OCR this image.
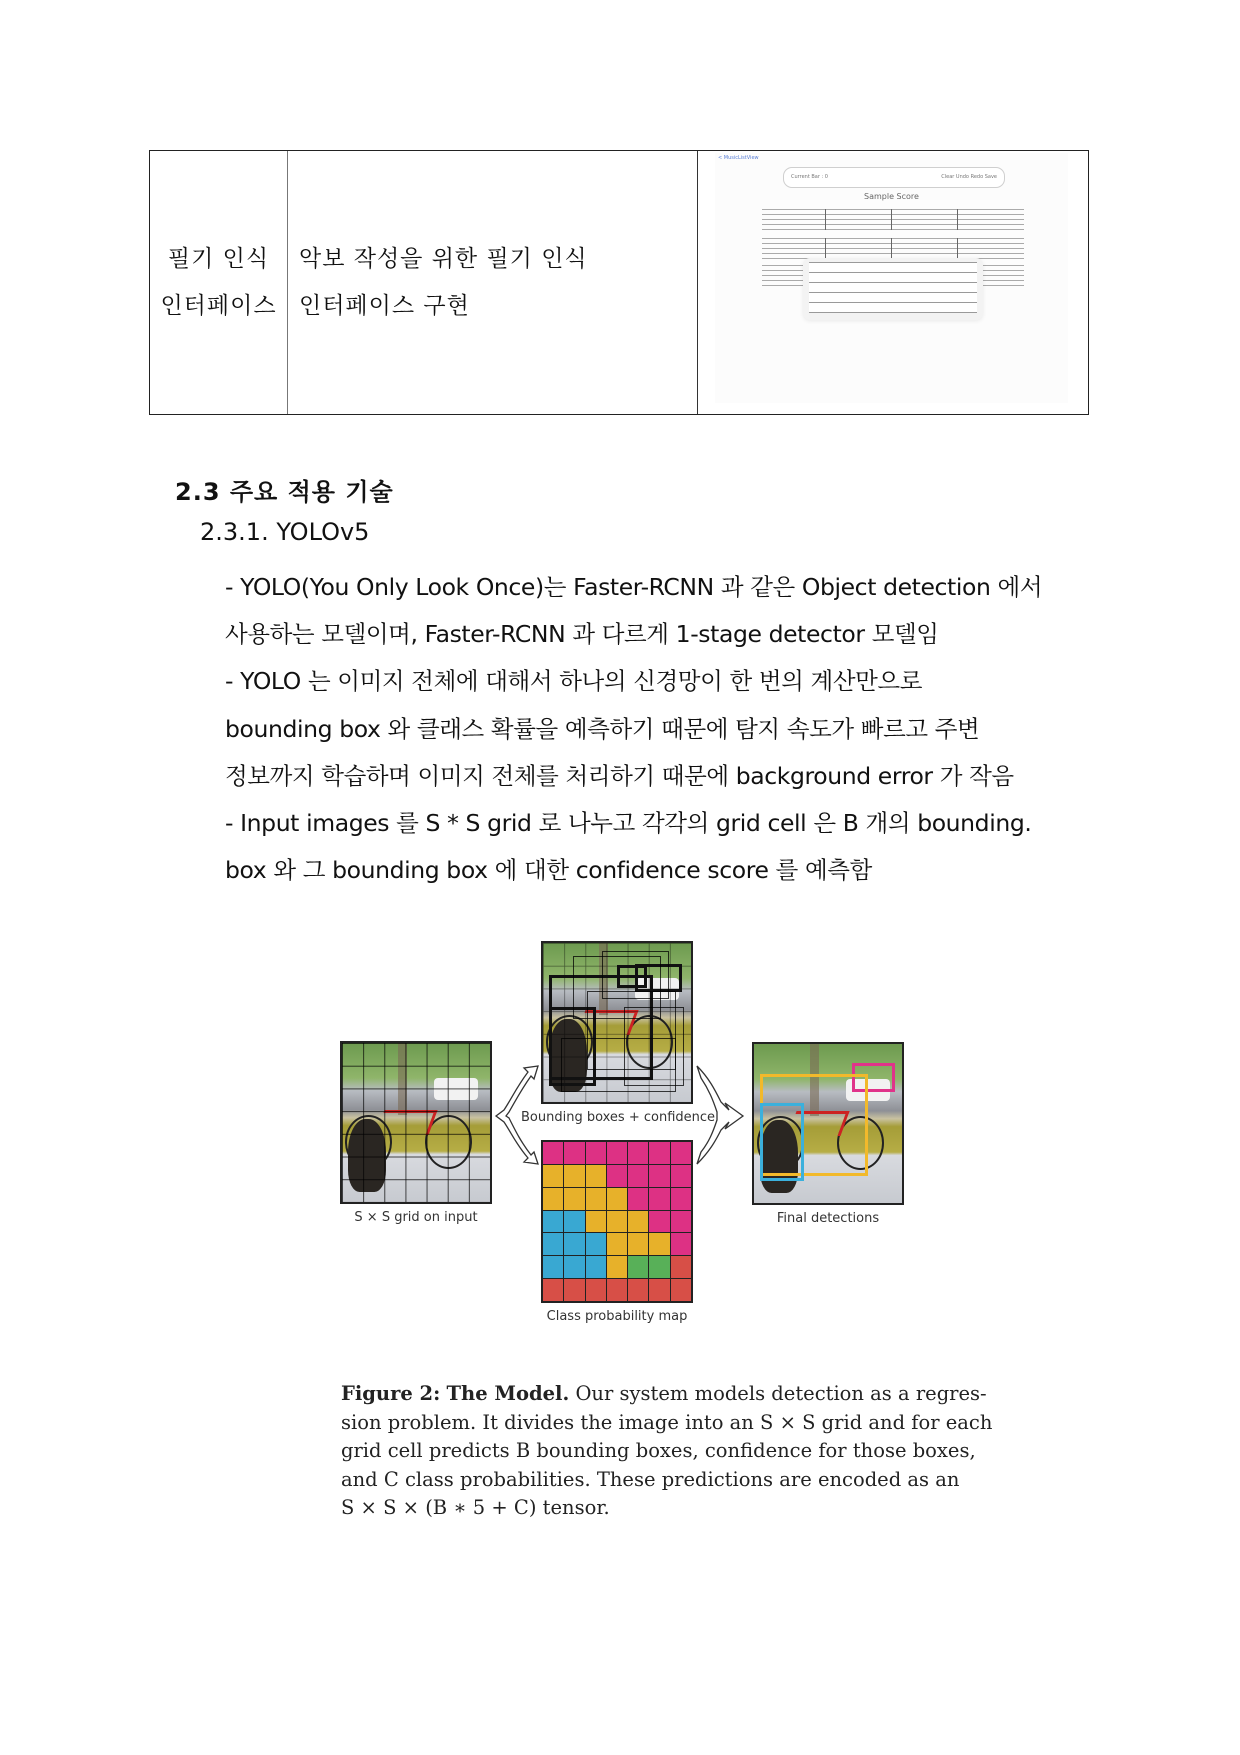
필기 인식
인터페이스
악보 작성을 위한 필기 인식
인터페이스 구현
< MusicListView
Current Bar : 0	Clear Undo Redo Save
Sample Score
2.3 주요 적용 기술
2.3.1. YOLOv5
- YOLO(You Only Look Once)는 Faster-RCNN 과 같은 Object detection 에서
사용하는 모델이며, Faster-RCNN 과 다르게 1-stage detector 모델임
- YOLO 는 이미지 전체에 대해서 하나의 신경망이 한 번의 계산만으로
bounding box 와 클래스 확률을 예측하기 때문에 탐지 속도가 빠르고 주변
정보까지 학습하며 이미지 전체를 처리하기 때문에 background error 가 작음
- Input images 를 S * S grid 로 나누고 각각의 grid cell 은 B 개의 bounding.
box 와 그 bounding box 에 대한 confidence score 를 예측함
S × S grid on input
Bounding boxes + confidence
Class probability map
Final detections
Figure 2: The Model. Our system models detection as a regres-
sion problem. It divides the image into an S × S grid and for each
grid cell predicts B bounding boxes, confidence for those boxes,
and C class probabilities. These predictions are encoded as an
S × S × (B ∗ 5 + C) tensor.
